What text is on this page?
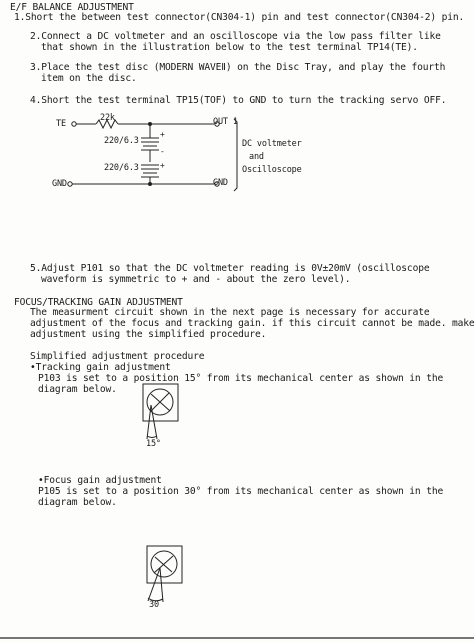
E/F BALANCE ADJUSTMENT
1.Short the between test connector(CN304-1) pin and test connector(CN304-2) pin.
2.Connect a DC voltmeter and an oscilloscope via the low pass filter like
that shown in the illustration below to the test terminal TP14(TE).
3.Place the test disc (MODERN WAVEⅡ) on the Disc Tray, and play the fourth
item on the disc.
4.Short the test terminal TP15(TOF) to GND to turn the tracking servo OFF.
TE
22k
220/6.3
220/6.3
+
-
+
OUT 1
GND	GND
DC voltmeter
and
Oscilloscope
5.Adjust P101 so that the DC voltmeter reading is 0V±20mV (oscilloscope
waveform is symmetric to + and - about the zero level).
FOCUS/TRACKING GAIN ADJUSTMENT
The measurment circuit shown in the next page is necessary for accurate
adjustment of the focus and tracking gain. if this circuit cannot be made. make
adjustment using the simplified procedure.
Simplified adjustment procedure
•Tracking gain adjustment
P103 is set to a position 15° from its mechanical center as shown in the
diagram below.
15°
•Focus gain adjustment
P105 is set to a position 30° from its mechanical center as shown in the
diagram below.
30
